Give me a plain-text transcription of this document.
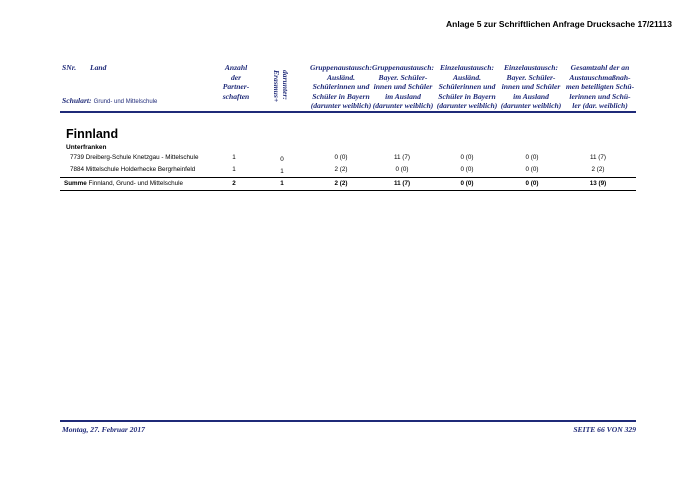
Anlage 5 zur Schriftlichen Anfrage Drucksache 17/21113
SNr. Land
Schulart: Grund- und Mittelschule
Anzahl
der
Partner-
schaften	darunter:
Erasmus+
Gruppenaustausch:
Ausländ.
Schülerinnen und
Schüler in Bayern
(darunter weiblich)
Gruppenaustausch:
Bayer. Schüler-
innen und Schüler
im Ausland
(darunter weiblich)
Einzelaustausch:
Ausländ.
Schülerinnen und
Schüler in Bayern
(darunter weiblich)
Einzelaustausch:
Bayer. Schüler-
innen und Schüler
im Ausland
(darunter weiblich)
Gesamtzahl der an
Austauschmaßnah-
men beteiligten Schü-
lerinnen und Schü-
ler (dar. weiblich)
Finnland
Unterfranken
7739 Dreiberg-Schule Knetzgau - Mittelschule	1	0	0 (0)	11 (7)	0 (0)	0 (0)	11 (7)
7884 Mittelschule Holderhecke Bergrheinfeld	1	1	2 (2)	0 (0)	0 (0)	0 (0)	2 (2)
Summe Finnland, Grund- und Mittelschule	2	1	2 (2)	11 (7)	0 (0)	0 (0)	13 (9)
Montag, 27. Februar 2017	SEITE 66 VON 329
